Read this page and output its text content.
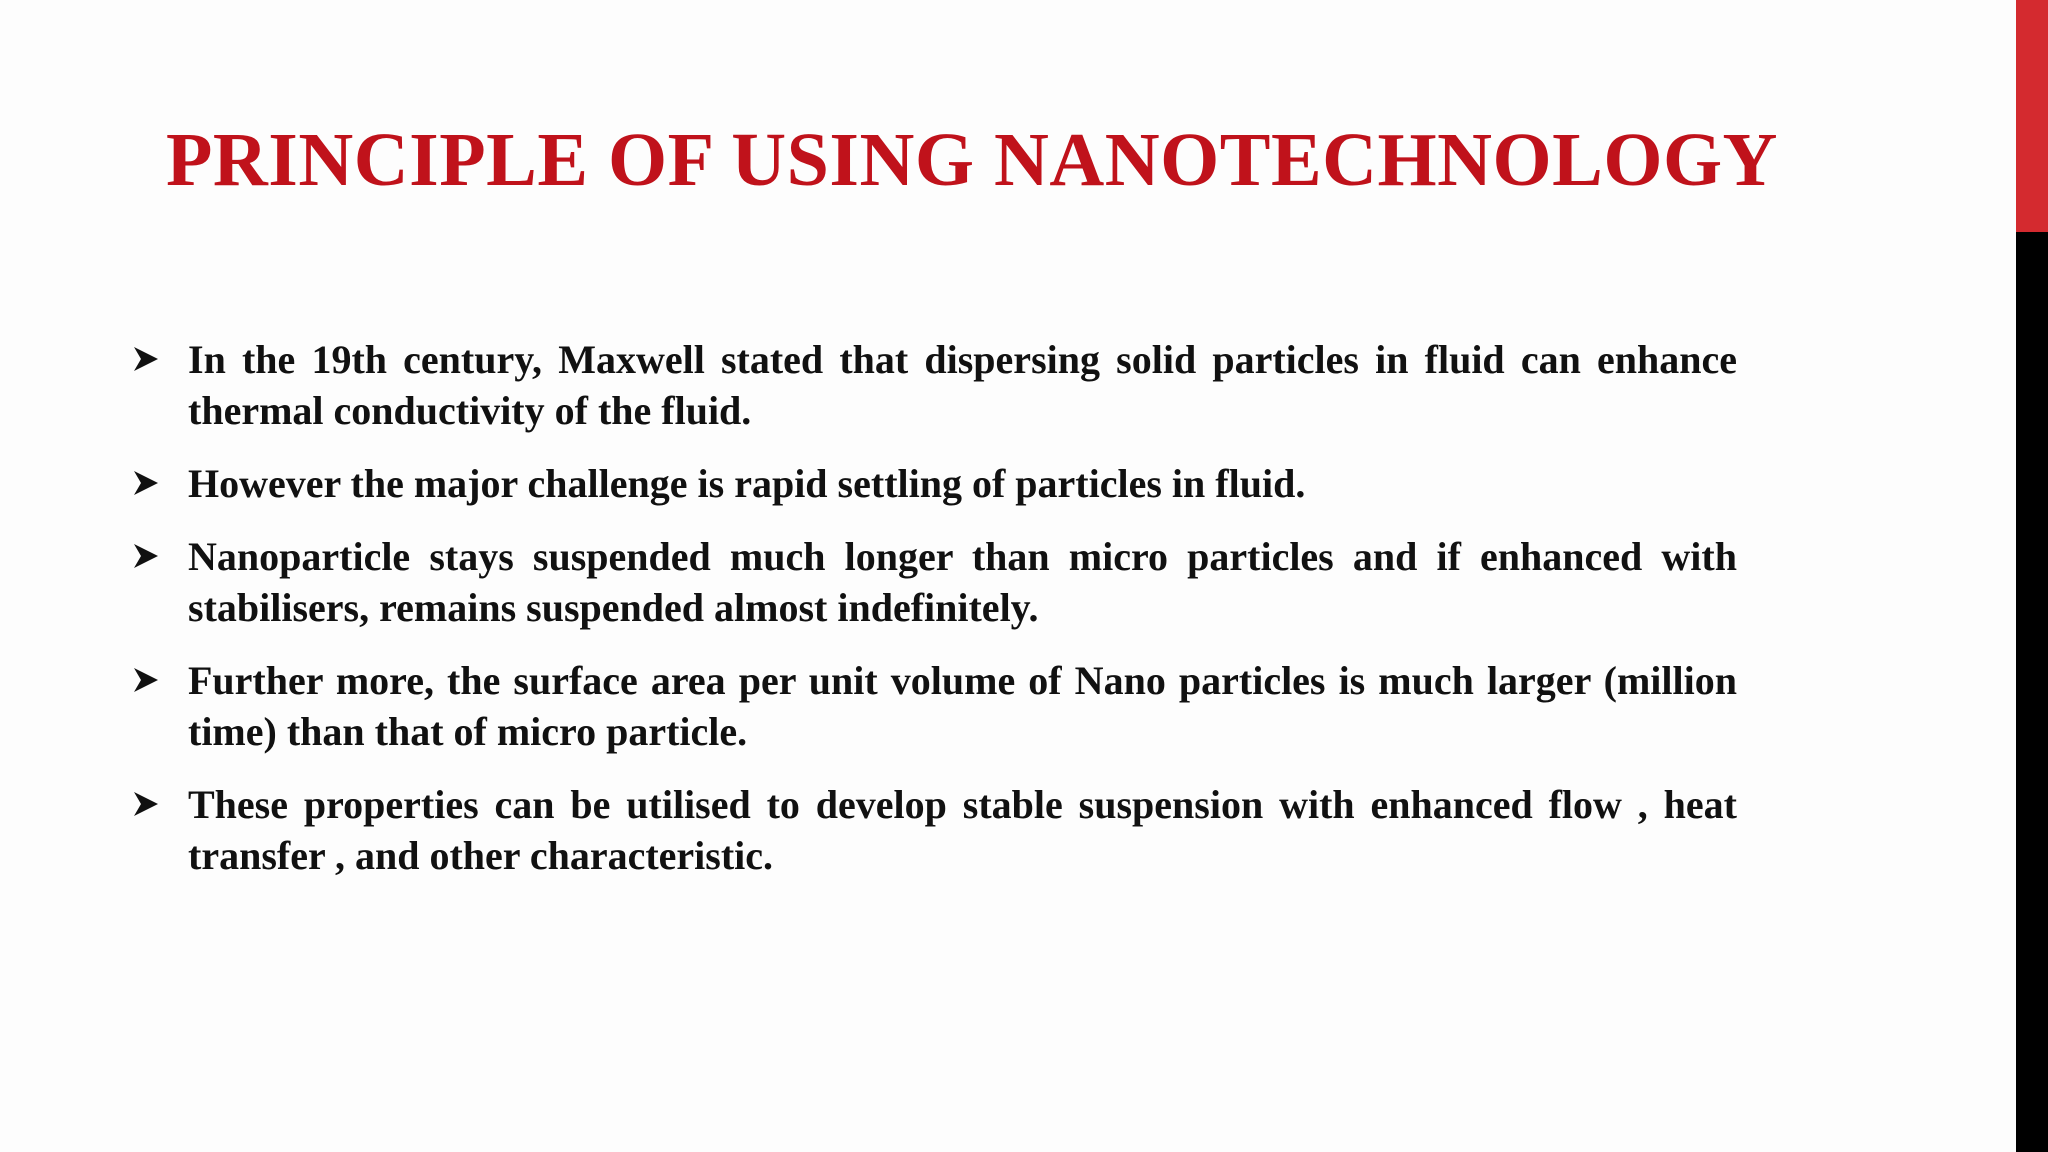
PRINCIPLE OF USING NANOTECHNOLOGY
In the 19th century, Maxwell stated that dispersing solid particles in fluid can enhance thermal conductivity of the fluid.
However the major challenge is rapid settling of particles in fluid.
Nanoparticle stays suspended much longer than micro particles and if enhanced with stabilisers, remains suspended almost indefinitely.
Further more, the surface area per unit volume of Nano particles is much larger (million time) than that of micro particle.
These properties can be utilised to develop stable suspension with enhanced flow , heat transfer , and other characteristic.
